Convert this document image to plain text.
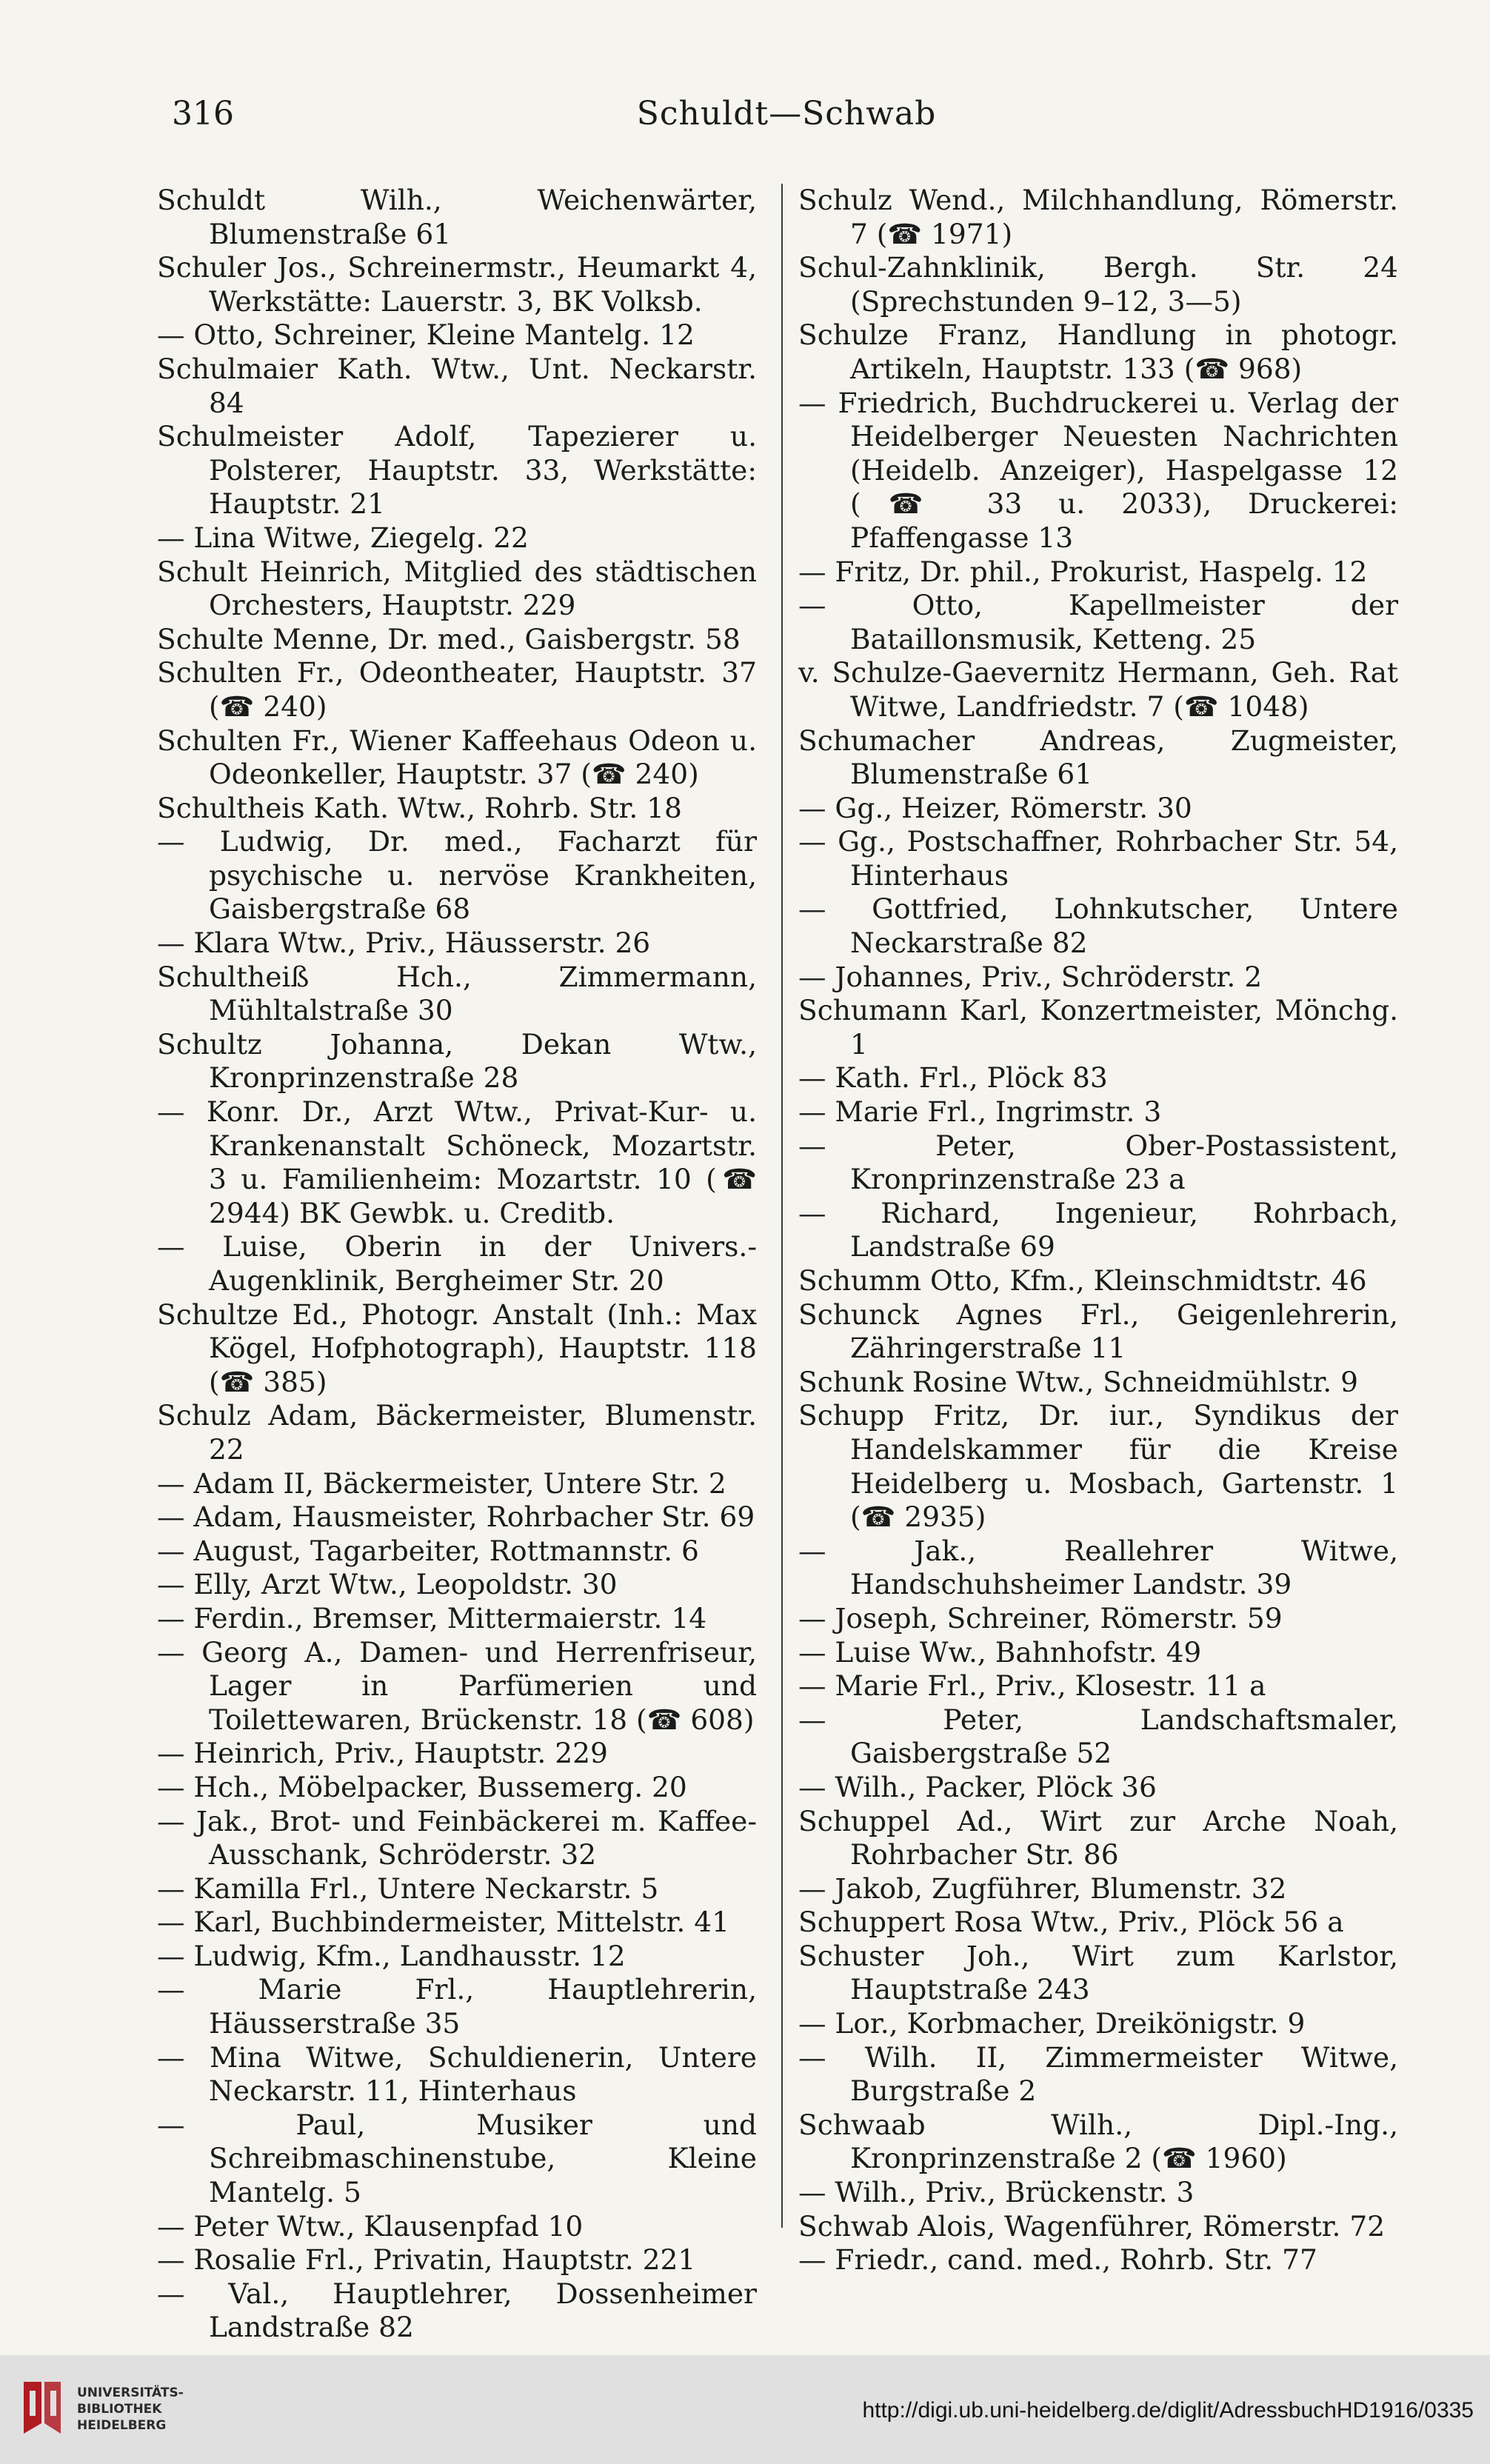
316	Schuldt—Schwab

Schuldt Wilh., Weichenwärter, Blumenstraße 61

Schuler Jos., Schreinermstr., Heumarkt 4, Werkstätte: Lauerstr. 3, BK Volksb.

— Otto, Schreiner, Kleine Mantelg. 12

Schulmaier Kath. Wtw., Unt. Neckarstr. 84

Schulmeister Adolf, Tapezierer u. Polsterer, Hauptstr. 33, Werkstätte: Hauptstr. 21

— Lina Witwe, Ziegelg. 22

Schult Heinrich, Mitglied des städtischen Orchesters, Hauptstr. 229

Schulte Menne, Dr. med., Gaisbergstr. 58

Schulten Fr., Odeontheater, Hauptstr. 37 (☎ 240)

Schulten Fr., Wiener Kaffeehaus Odeon u. Odeonkeller, Hauptstr. 37 (☎ 240)

Schultheis Kath. Wtw., Rohrb. Str. 18

— Ludwig, Dr. med., Facharzt für psychische u. nervöse Krankheiten, Gaisbergstraße 68

— Klara Wtw., Priv., Häusserstr. 26

Schultheiß Hch., Zimmermann, Mühltalstraße 30

Schultz Johanna, Dekan Wtw., Kronprinzenstraße 28

— Konr. Dr., Arzt Wtw., Privat-Kur- u. Krankenanstalt Schöneck, Mozartstr. 3 u. Familienheim: Mozartstr. 10 (☎ 2944) BK Gewbk. u. Creditb.

— Luise, Oberin in der Univers.-Augenklinik, Bergheimer Str. 20

Schultze Ed., Photogr. Anstalt (Inh.: Max Kögel, Hofphotograph), Hauptstr. 118 (☎ 385)

Schulz Adam, Bäckermeister, Blumenstr. 22

— Adam II, Bäckermeister, Untere Str. 2

— Adam, Hausmeister, Rohrbacher Str. 69

— August, Tagarbeiter, Rottmannstr. 6

— Elly, Arzt Wtw., Leopoldstr. 30

— Ferdin., Bremser, Mittermaierstr. 14

— Georg A., Damen- und Herrenfriseur, Lager in Parfümerien und Toilettewaren, Brückenstr. 18 (☎ 608)

— Heinrich, Priv., Hauptstr. 229

— Hch., Möbelpacker, Bussemerg. 20

— Jak., Brot- und Feinbäckerei m. Kaffee-Ausschank, Schröderstr. 32

— Kamilla Frl., Untere Neckarstr. 5

— Karl, Buchbindermeister, Mittelstr. 41

— Ludwig, Kfm., Landhausstr. 12

— Marie Frl., Hauptlehrerin, Häusserstraße 35

— Mina Witwe, Schuldienerin, Untere Neckarstr. 11, Hinterhaus

— Paul, Musiker und Schreibmaschinenstube, Kleine Mantelg. 5

— Peter Wtw., Klausenpfad 10

— Rosalie Frl., Privatin, Hauptstr. 221

— Val., Hauptlehrer, Dossenheimer Landstraße 82

Schulz Wend., Milchhandlung, Römerstr. 7 (☎ 1971)

Schul-Zahnklinik, Bergh. Str. 24 (Sprechstunden 9–12, 3—5)

Schulze Franz, Handlung in photogr. Artikeln, Hauptstr. 133 (☎ 968)

— Friedrich, Buchdruckerei u. Verlag der Heidelberger Neuesten Nachrichten (Heidelb. Anzeiger), Haspelgasse 12 (☎ 33 u. 2033), Druckerei: Pfaffengasse 13

— Fritz, Dr. phil., Prokurist, Haspelg. 12

— Otto, Kapellmeister der Bataillonsmusik, Ketteng. 25

v. Schulze-Gaevernitz Hermann, Geh. Rat Witwe, Landfriedstr. 7 (☎ 1048)

Schumacher Andreas, Zugmeister, Blumenstraße 61

— Gg., Heizer, Römerstr. 30

— Gg., Postschaffner, Rohrbacher Str. 54, Hinterhaus

— Gottfried, Lohnkutscher, Untere Neckarstraße 82

— Johannes, Priv., Schröderstr. 2

Schumann Karl, Konzertmeister, Mönchg. 1

— Kath. Frl., Plöck 83

— Marie Frl., Ingrimstr. 3

— Peter, Ober-Postassistent, Kronprinzenstraße 23 a

— Richard, Ingenieur, Rohrbach, Landstraße 69

Schumm Otto, Kfm., Kleinschmidtstr. 46

Schunck Agnes Frl., Geigenlehrerin, Zähringerstraße 11

Schunk Rosine Wtw., Schneidmühlstr. 9

Schupp Fritz, Dr. iur., Syndikus der Handelskammer für die Kreise Heidelberg u. Mosbach, Gartenstr. 1 (☎ 2935)

— Jak., Reallehrer Witwe, Handschuhsheimer Landstr. 39

— Joseph, Schreiner, Römerstr. 59

— Luise Ww., Bahnhofstr. 49

— Marie Frl., Priv., Klosestr. 11 a

— Peter, Landschaftsmaler, Gaisbergstraße 52

— Wilh., Packer, Plöck 36

Schuppel Ad., Wirt zur Arche Noah, Rohrbacher Str. 86

— Jakob, Zugführer, Blumenstr. 32

Schuppert Rosa Wtw., Priv., Plöck 56 a

Schuster Joh., Wirt zum Karlstor, Hauptstraße 243

— Lor., Korbmacher, Dreikönigstr. 9

— Wilh. II, Zimmermeister Witwe, Burgstraße 2

Schwaab Wilh., Dipl.-Ing., Kronprinzenstraße 2 (☎ 1960)

— Wilh., Priv., Brückenstr. 3

Schwab Alois, Wagenführer, Römerstr. 72

— Friedr., cand. med., Rohrb. Str. 77

UNIVERSITÄTS-
BIBLIOTHEK
HEIDELBERG
http://digi.ub.uni-heidelberg.de/diglit/AdressbuchHD1916/0335
